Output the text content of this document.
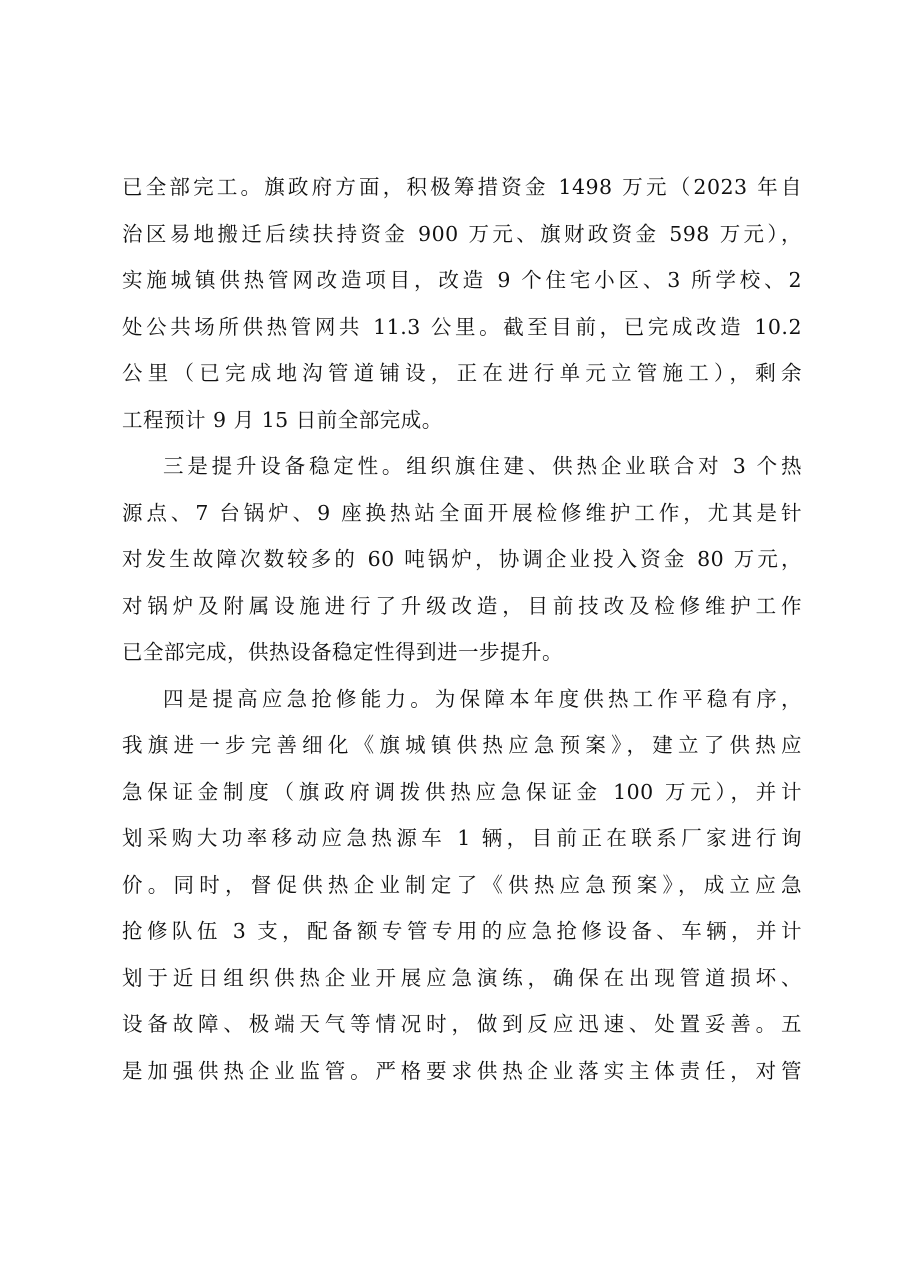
已全部完工。旗政府方面，积极筹措资金 1498 万元（2023 年自
治区易地搬迁后续扶持资金 900 万元、旗财政资金 598 万元），
实施城镇供热管网改造项目，改造 9 个住宅小区、3 所学校、2
处公共场所供热管网共 11.3 公里。截至目前，已完成改造 10.2
公里（已完成地沟管道铺设，正在进行单元立管施工），剩余
工程预计 9 月 15 日前全部完成。
三是提升设备稳定性。组织旗住建、供热企业联合对 3 个热
源点、7 台锅炉、9 座换热站全面开展检修维护工作，尤其是针
对发生故障次数较多的 60 吨锅炉，协调企业投入资金 80 万元，
对锅炉及附属设施进行了升级改造，目前技改及检修维护工作
已全部完成，供热设备稳定性得到进一步提升。
四是提高应急抢修能力。为保障本年度供热工作平稳有序，
我旗进一步完善细化《旗城镇供热应急预案》，建立了供热应
急保证金制度（旗政府调拨供热应急保证金 100 万元），并计
划采购大功率移动应急热源车 1 辆，目前正在联系厂家进行询
价。同时，督促供热企业制定了《供热应急预案》，成立应急
抢修队伍 3 支，配备额专管专用的应急抢修设备、车辆，并计
划于近日组织供热企业开展应急演练，确保在出现管道损坏、
设备故障、极端天气等情况时，做到反应迅速、处置妥善。五
是加强供热企业监管。严格要求供热企业落实主体责任，对管
